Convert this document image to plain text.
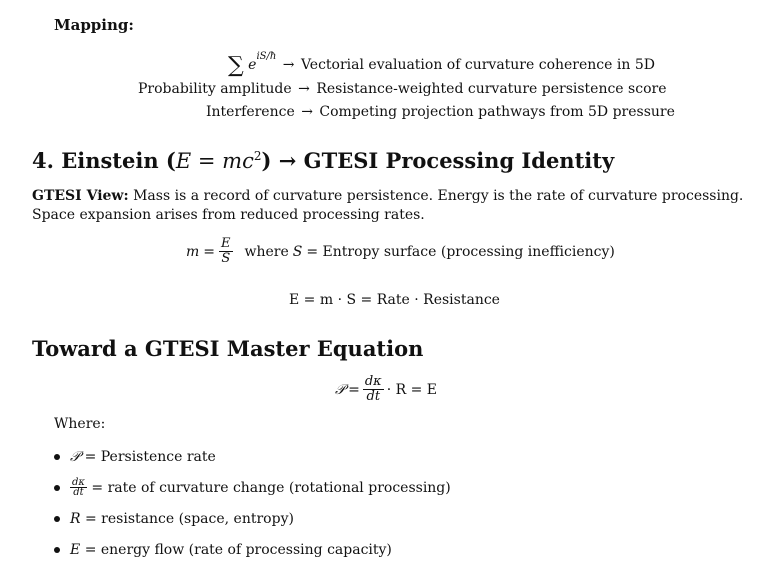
Mapping:
∑ $e^{iS/ħ}$ → Vectorial evaluation of curvature coherence in 5D
Probability amplitude → Resistance-weighted curvature persistence score
Interference → Competing projection pathways from 5D pressure
4. Einstein $(E = mc^2)$ → GTESI Processing Identity
GTESI View: Mass is a record of curvature persistence. Energy is the rate of curvature processing. Space expansion arises from reduced processing rates.
$m = \frac{E}{S}$ where S = Entropy surface (processing inefficiency)
E = m · S = Rate · Resistance
Toward a GTESI Master Equation
𝒫 = $\frac{d\kappa}{dt} \cdot R = E$
Where:
𝒫
= Persistence rate
$\frac{d\kappa}{dt}$
= rate of curvature change (rotational processing)
R
= resistance (space, entropy)
E
= energy flow (rate of processing capacity)
